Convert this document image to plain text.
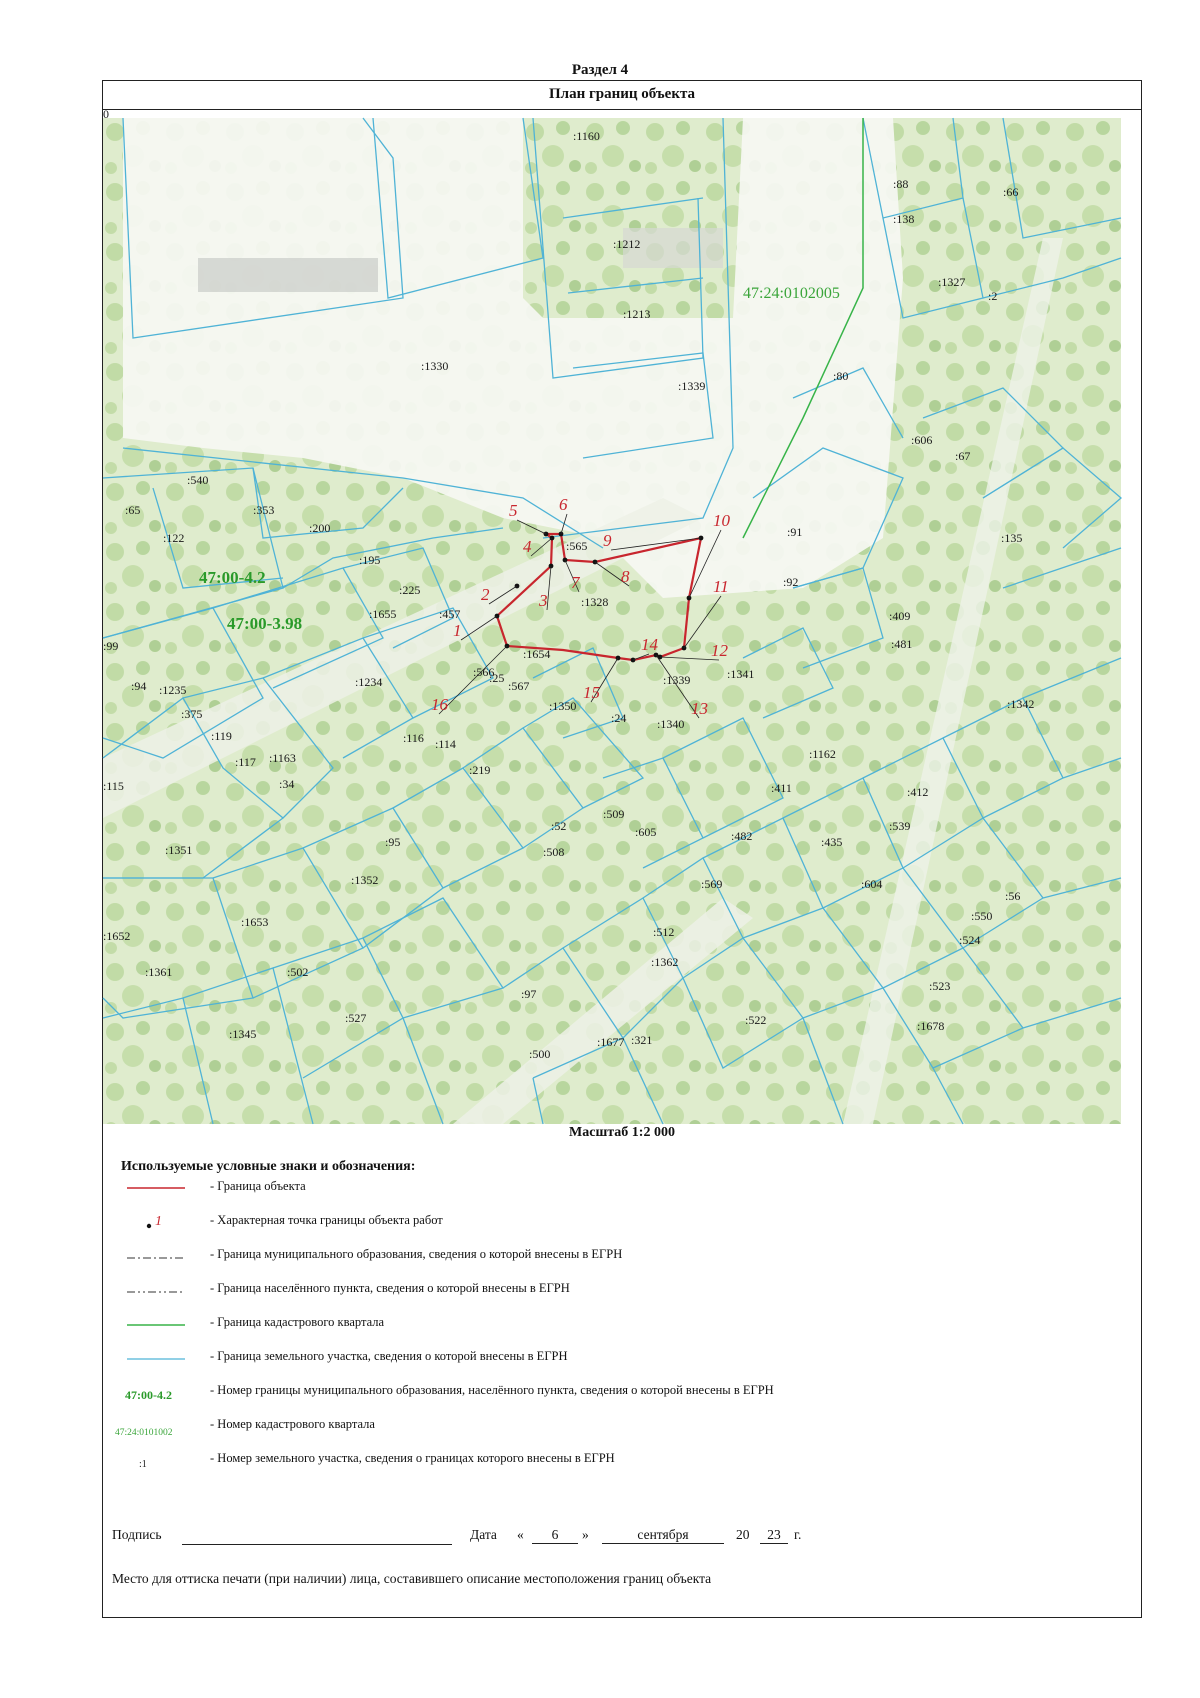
Раздел 4
План границ объекта
1
2	3
4
5 6
7 8
9
10
11
12
13
14
15
16
:1160
:88
:66
:138
:1212
:1327
:2
:1213
:1330
:1339
:80
:606
:67
:540
:65	:353
:122
:200
:195
:565
:91	:135
:1328
:225
:1655	:457
:92
:409
:481
:1654
:566
:25
:567	:1339	:1341
:94 :1235
:1234
:1350
:24	:1340
:1342
:375
:116
:119
:114
:117 :1163	:1162
:411	:412
:34
:219
:115
:509
:539
:52	:605
:95	:482	:435
:1351	:508
:604
:1352	:569
:56
:550
:1653
:524
:1652	:512
:1361	:502
:1362
:523
:97
:1345
:527	:522	:1678
:500
:99
:1677 :321
0
47:24:0102005
47:00-4.2
47:00-3.98
Масштаб 1:2 000
Используемые условные знаки и обозначения:
- Граница объекта
1	- Характерная точка границы объекта работ
- Граница муниципального образования, сведения о которой внесены в ЕГРН
- Граница населённого пункта, сведения о которой внесены в ЕГРН
- Граница кадастрового квартала
- Граница земельного участка, сведения о которой внесены в ЕГРН
47:00-4.2	- Номер границы муниципального образования, населённого пункта, сведения о которой внесены в ЕГРН
47:24:0101002
- Номер кадастрового квартала
:1	- Номер земельного участка, сведения о границах которого внесены в ЕГРН
Подпись	Дата «	6	»	сентября	20	23 г.
Место для оттиска печати (при наличии) лица, составившего описание местоположения границ объекта
